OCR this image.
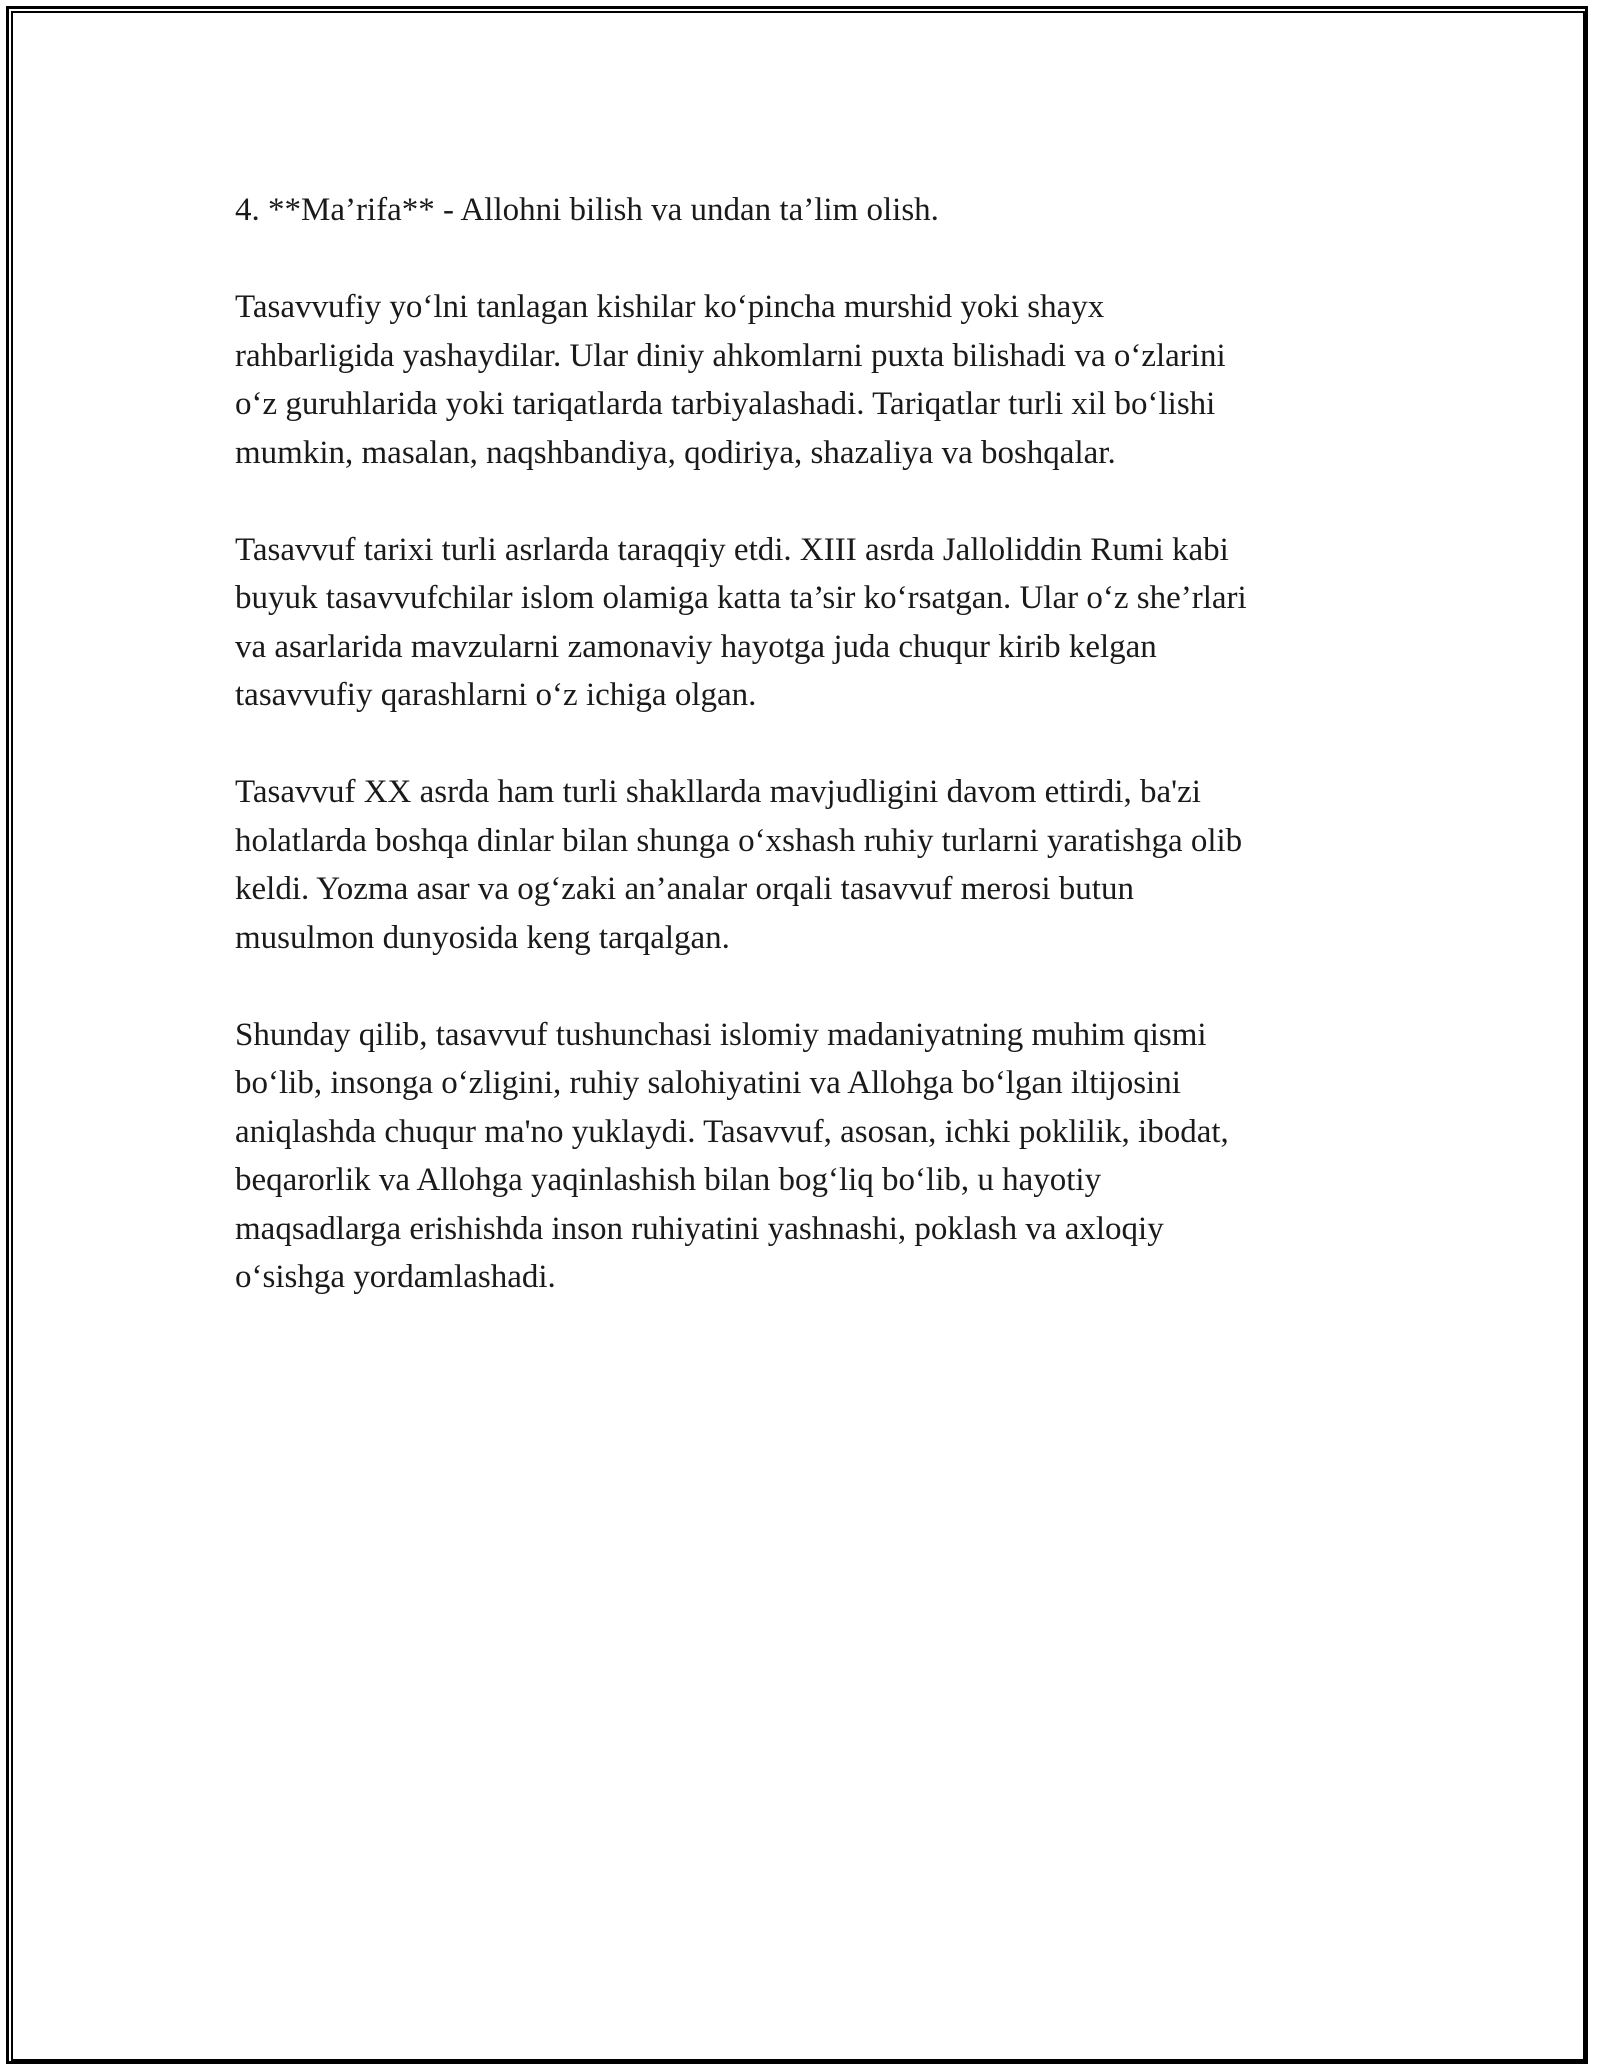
4. **Ma’rifa** - Allohni bilish va undan ta’lim olish.

Tasavvufiy yo‘lni tanlagan kishilar ko‘pincha murshid yoki shayx
rahbarligida yashaydilar. Ular diniy ahkomlarni puxta bilishadi va o‘zlarini
o‘z guruhlarida yoki tariqatlarda tarbiyalashadi. Tariqatlar turli xil bo‘lishi
mumkin, masalan, naqshbandiya, qodiriya, shazaliya va boshqalar.

Tasavvuf tarixi turli asrlarda taraqqiy etdi. XIII asrda Jalloliddin Rumi kabi
buyuk tasavvufchilar islom olamiga katta ta’sir ko‘rsatgan. Ular o‘z she’rlari
va asarlarida mavzularni zamonaviy hayotga juda chuqur kirib kelgan
tasavvufiy qarashlarni o‘z ichiga olgan.

Tasavvuf XX asrda ham turli shakllarda mavjudligini davom ettirdi, ba'zi
holatlarda boshqa dinlar bilan shunga o‘xshash ruhiy turlarni yaratishga olib
keldi. Yozma asar va og‘zaki an’analar orqali tasavvuf merosi butun
musulmon dunyosida keng tarqalgan.

Shunday qilib, tasavvuf tushunchasi islomiy madaniyatning muhim qismi
bo‘lib, insonga o‘zligini, ruhiy salohiyatini va Allohga bo‘lgan iltijosini
aniqlashda chuqur ma'no yuklaydi. Tasavvuf, asosan, ichki poklilik, ibodat,
beqarorlik va Allohga yaqinlashish bilan bog‘liq bo‘lib, u hayotiy
maqsadlarga erishishda inson ruhiyatini yashnashi, poklash va axloqiy
o‘sishga yordamlashadi.
